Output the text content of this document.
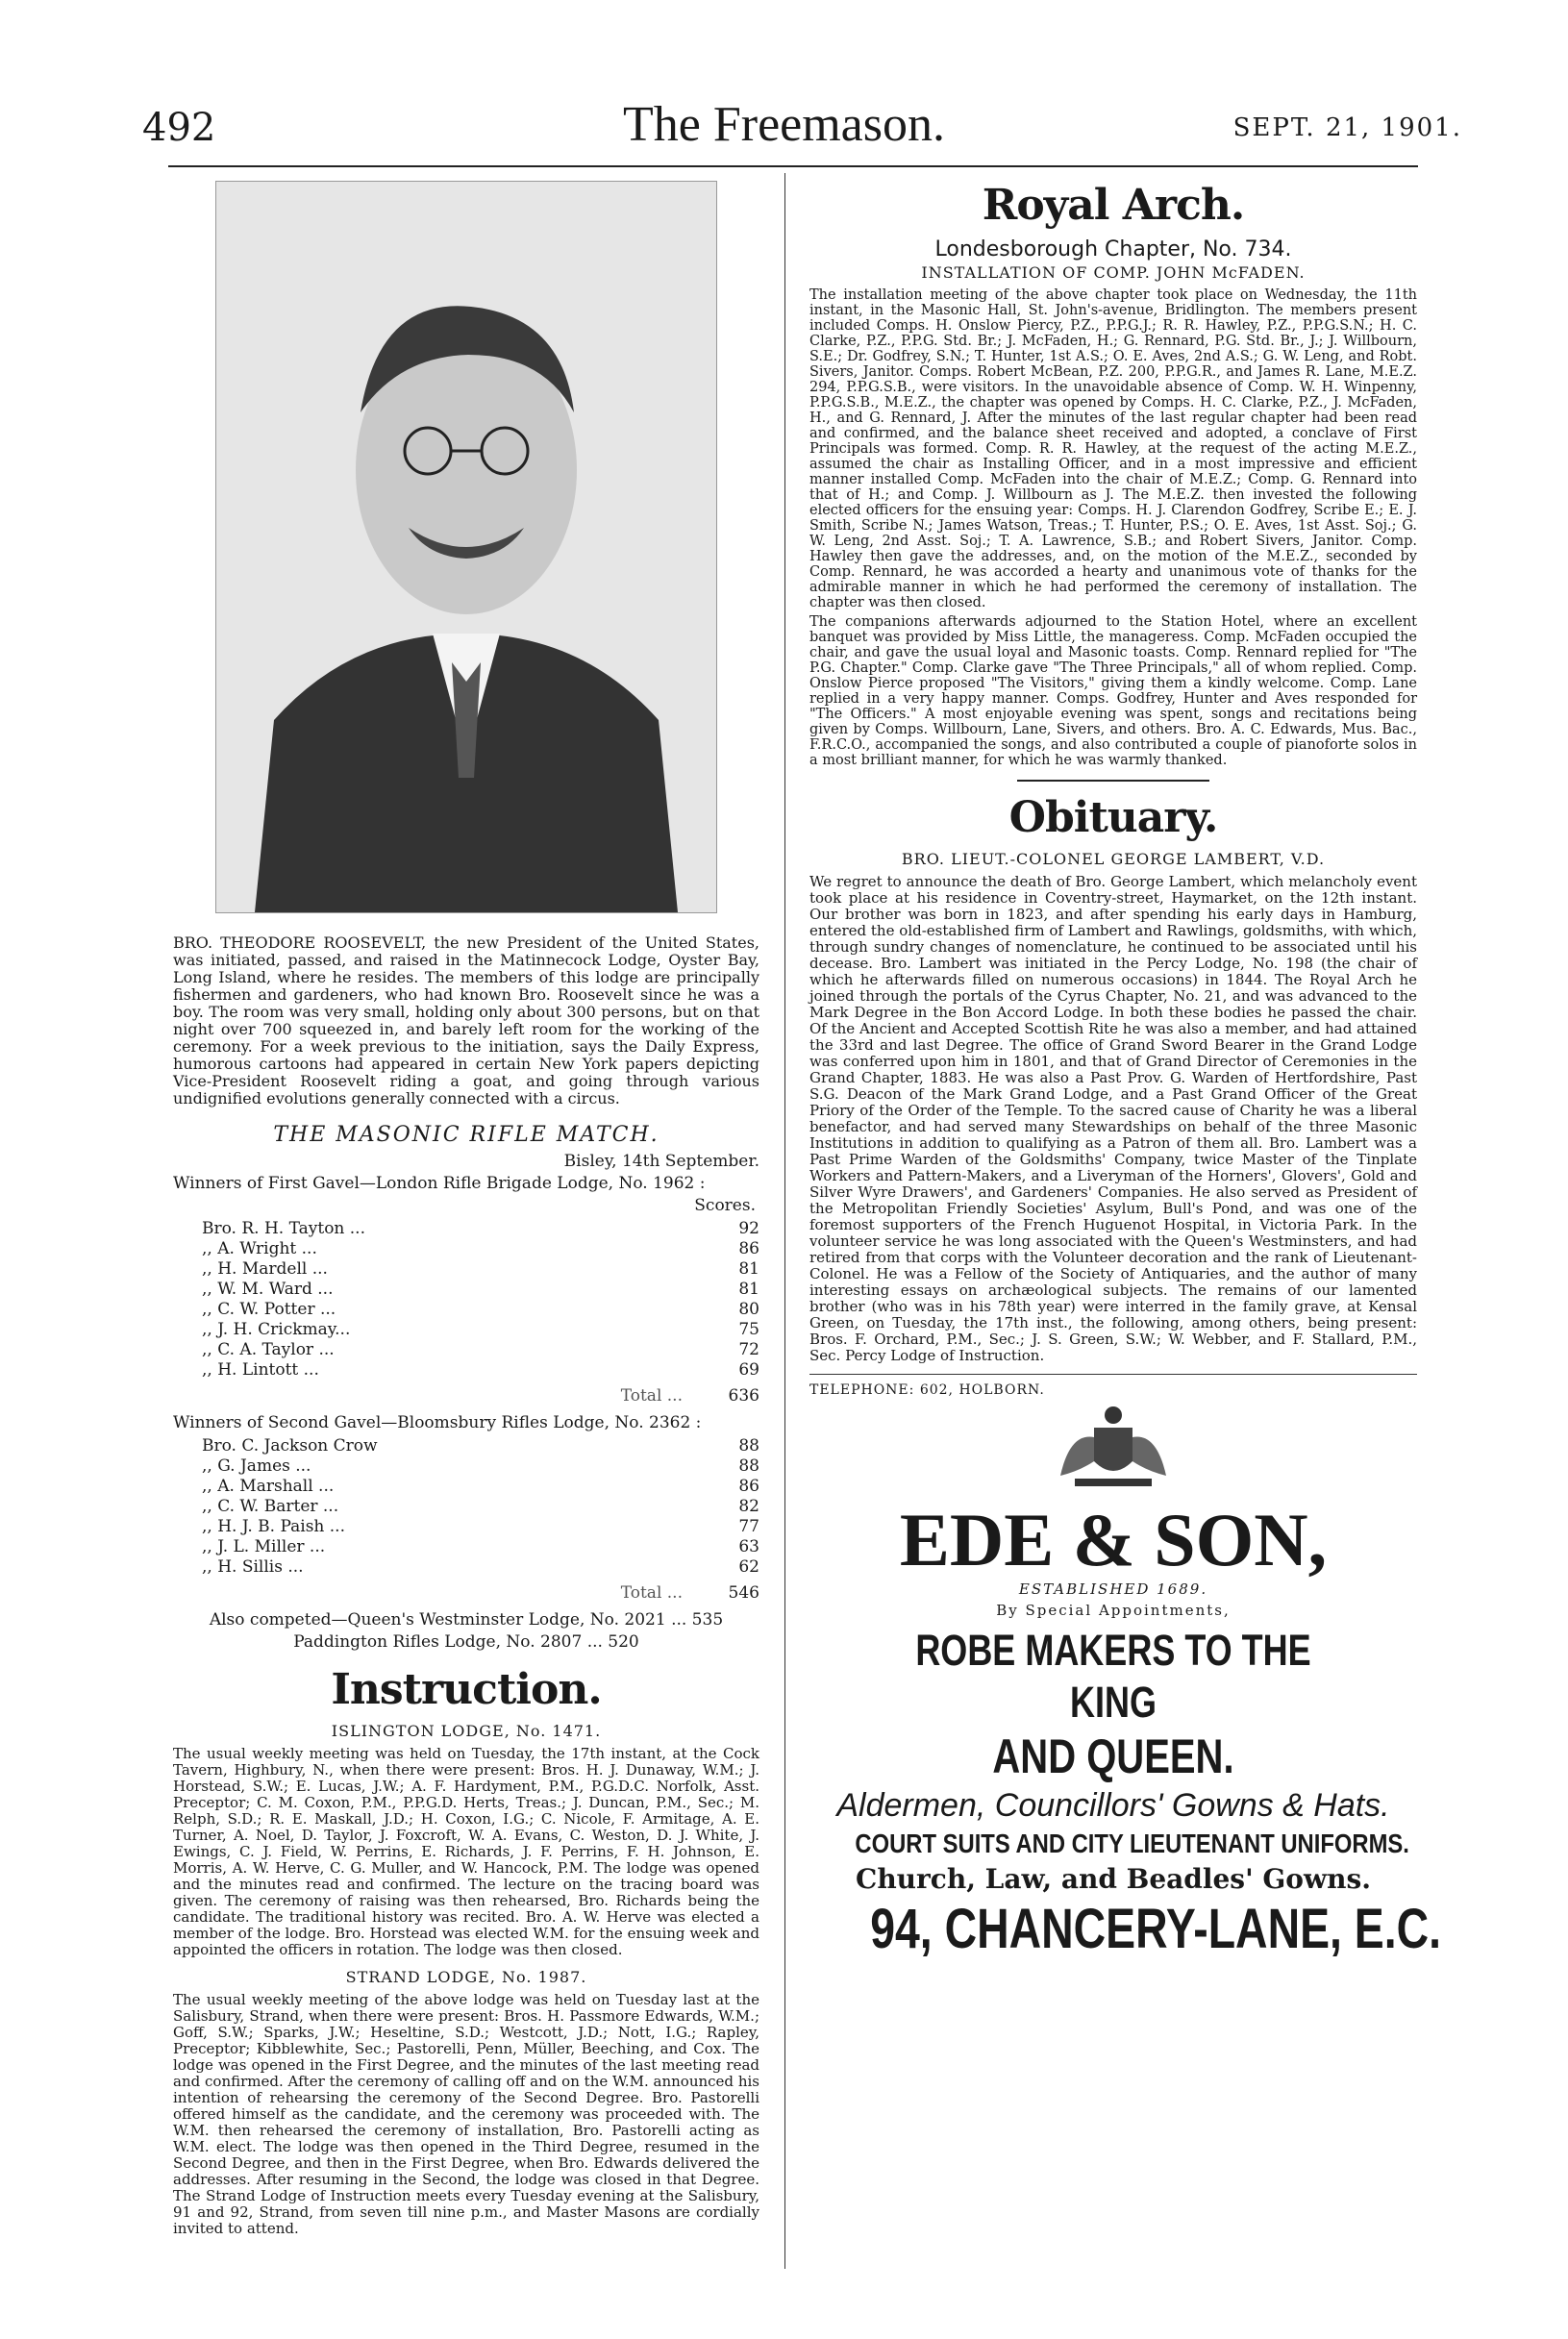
492	The Freemason.	SEPT. 21, 1901.

BRO. THEODORE ROOSEVELT, the new President of the United States, was initiated, passed, and raised in the Matinnecock Lodge, Oyster Bay, Long Island, where he resides. The members of this lodge are principally fishermen and gardeners, who had known Bro. Roosevelt since he was a boy. The room was very small, holding only about 300 persons, but on that night over 700 squeezed in, and barely left room for the working of the ceremony. For a week previous to the initiation, says the Daily Express, humorous cartoons had appeared in certain New York papers depicting Vice-President Roosevelt riding a goat, and going through various undignified evolutions generally connected with a circus.

THE MASONIC RIFLE MATCH.

Bisley, 14th September.

Winners of First Gavel—London Rifle Brigade Lodge, No. 1962 :

Scores.

Bro. R. H. Tayton ...	92
,, A. Wright ...	86
,, H. Mardell ...	81
,, W. M. Ward ...	81
,, C. W. Potter ...	80
,, J. H. Crickmay...	75
,, C. A. Taylor ...	72
,, H. Lintott ...	69
Total ...	636

Winners of Second Gavel—Bloomsbury Rifles Lodge, No. 2362 :

Bro. C. Jackson Crow	88
,, G. James ...	88
,, A. Marshall ...	86
,, C. W. Barter ...	82
,, H. J. B. Paish ...	77
,, J. L. Miller ...	63
,, H. Sillis ...	62
Total ...	546

Also competed—Queen's Westminster Lodge, No. 2021 ... 535

Paddington Rifles Lodge, No. 2807 ... 520

Instruction.
ISLINGTON LODGE, No. 1471.

The usual weekly meeting was held on Tuesday, the 17th instant, at the Cock Tavern, Highbury, N., when there were present: Bros. H. J. Dunaway, W.M.; J. Horstead, S.W.; E. Lucas, J.W.; A. F. Hardyment, P.M., P.G.D.C. Norfolk, Asst. Preceptor; C. M. Coxon, P.M., P.P.G.D. Herts, Treas.; J. Duncan, P.M., Sec.; M. Relph, S.D.; R. E. Maskall, J.D.; H. Coxon, I.G.; C. Nicole, F. Armitage, A. E. Turner, A. Noel, D. Taylor, J. Foxcroft, W. A. Evans, C. Weston, D. J. White, J. Ewings, C. J. Field, W. Perrins, E. Richards, J. F. Perrins, F. H. Johnson, E. Morris, A. W. Herve, C. G. Muller, and W. Hancock, P.M. The lodge was opened and the minutes read and confirmed. The lecture on the tracing board was given. The ceremony of raising was then rehearsed, Bro. Richards being the candidate. The traditional history was recited. Bro. A. W. Herve was elected a member of the lodge. Bro. Horstead was elected W.M. for the ensuing week and appointed the officers in rotation. The lodge was then closed.

STRAND LODGE, No. 1987.

The usual weekly meeting of the above lodge was held on Tuesday last at the Salisbury, Strand, when there were present: Bros. H. Passmore Edwards, W.M.; Goff, S.W.; Sparks, J.W.; Heseltine, S.D.; Westcott, J.D.; Nott, I.G.; Rapley, Preceptor; Kibblewhite, Sec.; Pastorelli, Penn, Müller, Beeching, and Cox. The lodge was opened in the First Degree, and the minutes of the last meeting read and confirmed. After the ceremony of calling off and on the W.M. announced his intention of rehearsing the ceremony of the Second Degree. Bro. Pastorelli offered himself as the candidate, and the ceremony was proceeded with. The W.M. then rehearsed the ceremony of installation, Bro. Pastorelli acting as W.M. elect. The lodge was then opened in the Third Degree, resumed in the Second Degree, and then in the First Degree, when Bro. Edwards delivered the addresses. After resuming in the Second, the lodge was closed in that Degree. The Strand Lodge of Instruction meets every Tuesday evening at the Salisbury, 91 and 92, Strand, from seven till nine p.m., and Master Masons are cordially invited to attend.

Royal Arch.
Londesborough Chapter, No. 734.
INSTALLATION OF COMP. JOHN McFADEN.

The installation meeting of the above chapter took place on Wednesday, the 11th instant, in the Masonic Hall, St. John's-avenue, Bridlington. The members present included Comps. H. Onslow Piercy, P.Z., P.P.G.J.; R. R. Hawley, P.Z., P.P.G.S.N.; H. C. Clarke, P.Z., P.P.G. Std. Br.; J. McFaden, H.; G. Rennard, P.G. Std. Br., J.; J. Willbourn, S.E.; Dr. Godfrey, S.N.; T. Hunter, 1st A.S.; O. E. Aves, 2nd A.S.; G. W. Leng, and Robt. Sivers, Janitor. Comps. Robert McBean, P.Z. 200, P.P.G.R., and James R. Lane, M.E.Z. 294, P.P.G.S.B., were visitors. In the unavoidable absence of Comp. W. H. Winpenny, P.P.G.S.B., M.E.Z., the chapter was opened by Comps. H. C. Clarke, P.Z., J. McFaden, H., and G. Rennard, J. After the minutes of the last regular chapter had been read and confirmed, and the balance sheet received and adopted, a conclave of First Principals was formed. Comp. R. R. Hawley, at the request of the acting M.E.Z., assumed the chair as Installing Officer, and in a most impressive and efficient manner installed Comp. McFaden into the chair of M.E.Z.; Comp. G. Rennard into that of H.; and Comp. J. Willbourn as J. The M.E.Z. then invested the following elected officers for the ensuing year: Comps. H. J. Clarendon Godfrey, Scribe E.; E. J. Smith, Scribe N.; James Watson, Treas.; T. Hunter, P.S.; O. E. Aves, 1st Asst. Soj.; G. W. Leng, 2nd Asst. Soj.; T. A. Lawrence, S.B.; and Robert Sivers, Janitor. Comp. Hawley then gave the addresses, and, on the motion of the M.E.Z., seconded by Comp. Rennard, he was accorded a hearty and unanimous vote of thanks for the admirable manner in which he had performed the ceremony of installation. The chapter was then closed.

The companions afterwards adjourned to the Station Hotel, where an excellent banquet was provided by Miss Little, the manageress. Comp. McFaden occupied the chair, and gave the usual loyal and Masonic toasts. Comp. Rennard replied for "The P.G. Chapter." Comp. Clarke gave "The Three Principals," all of whom replied. Comp. Onslow Pierce proposed "The Visitors," giving them a kindly welcome. Comp. Lane replied in a very happy manner. Comps. Godfrey, Hunter and Aves responded for "The Officers." A most enjoyable evening was spent, songs and recitations being given by Comps. Willbourn, Lane, Sivers, and others. Bro. A. C. Edwards, Mus. Bac., F.R.C.O., accompanied the songs, and also contributed a couple of pianoforte solos in a most brilliant manner, for which he was warmly thanked.

Obituary.
BRO. LIEUT.-COLONEL GEORGE LAMBERT, V.D.

We regret to announce the death of Bro. George Lambert, which melancholy event took place at his residence in Coventry-street, Haymarket, on the 12th instant. Our brother was born in 1823, and after spending his early days in Hamburg, entered the old-established firm of Lambert and Rawlings, goldsmiths, with which, through sundry changes of nomenclature, he continued to be associated until his decease. Bro. Lambert was initiated in the Percy Lodge, No. 198 (the chair of which he afterwards filled on numerous occasions) in 1844. The Royal Arch he joined through the portals of the Cyrus Chapter, No. 21, and was advanced to the Mark Degree in the Bon Accord Lodge. In both these bodies he passed the chair. Of the Ancient and Accepted Scottish Rite he was also a member, and had attained the 33rd and last Degree. The office of Grand Sword Bearer in the Grand Lodge was conferred upon him in 1801, and that of Grand Director of Ceremonies in the Grand Chapter, 1883. He was also a Past Prov. G. Warden of Hertfordshire, Past S.G. Deacon of the Mark Grand Lodge, and a Past Grand Officer of the Great Priory of the Order of the Temple. To the sacred cause of Charity he was a liberal benefactor, and had served many Stewardships on behalf of the three Masonic Institutions in addition to qualifying as a Patron of them all. Bro. Lambert was a Past Prime Warden of the Goldsmiths' Company, twice Master of the Tinplate Workers and Pattern-Makers, and a Liveryman of the Horners', Glovers', Gold and Silver Wyre Drawers', and Gardeners' Companies. He also served as President of the Metropolitan Friendly Societies' Asylum, Bull's Pond, and was one of the foremost supporters of the French Huguenot Hospital, in Victoria Park. In the volunteer service he was long associated with the Queen's Westminsters, and had retired from that corps with the Volunteer decoration and the rank of Lieutenant-Colonel. He was a Fellow of the Society of Antiquaries, and the author of many interesting essays on archæological subjects. The remains of our lamented brother (who was in his 78th year) were interred in the family grave, at Kensal Green, on Tuesday, the 17th inst., the following, among others, being present: Bros. F. Orchard, P.M., Sec.; J. S. Green, S.W.; W. Webber, and F. Stallard, P.M., Sec. Percy Lodge of Instruction.

TELEPHONE: 602, HOLBORN.
EDE & SON,
ESTABLISHED 1689.
By Special Appointments,
ROBE MAKERS TO THE KING
AND QUEEN.
Aldermen, Councillors' Gowns & Hats.
COURT SUITS AND CITY LIEUTENANT UNIFORMS.
Church, Law, and Beadles' Gowns.
94, CHANCERY-LANE, E.C.
